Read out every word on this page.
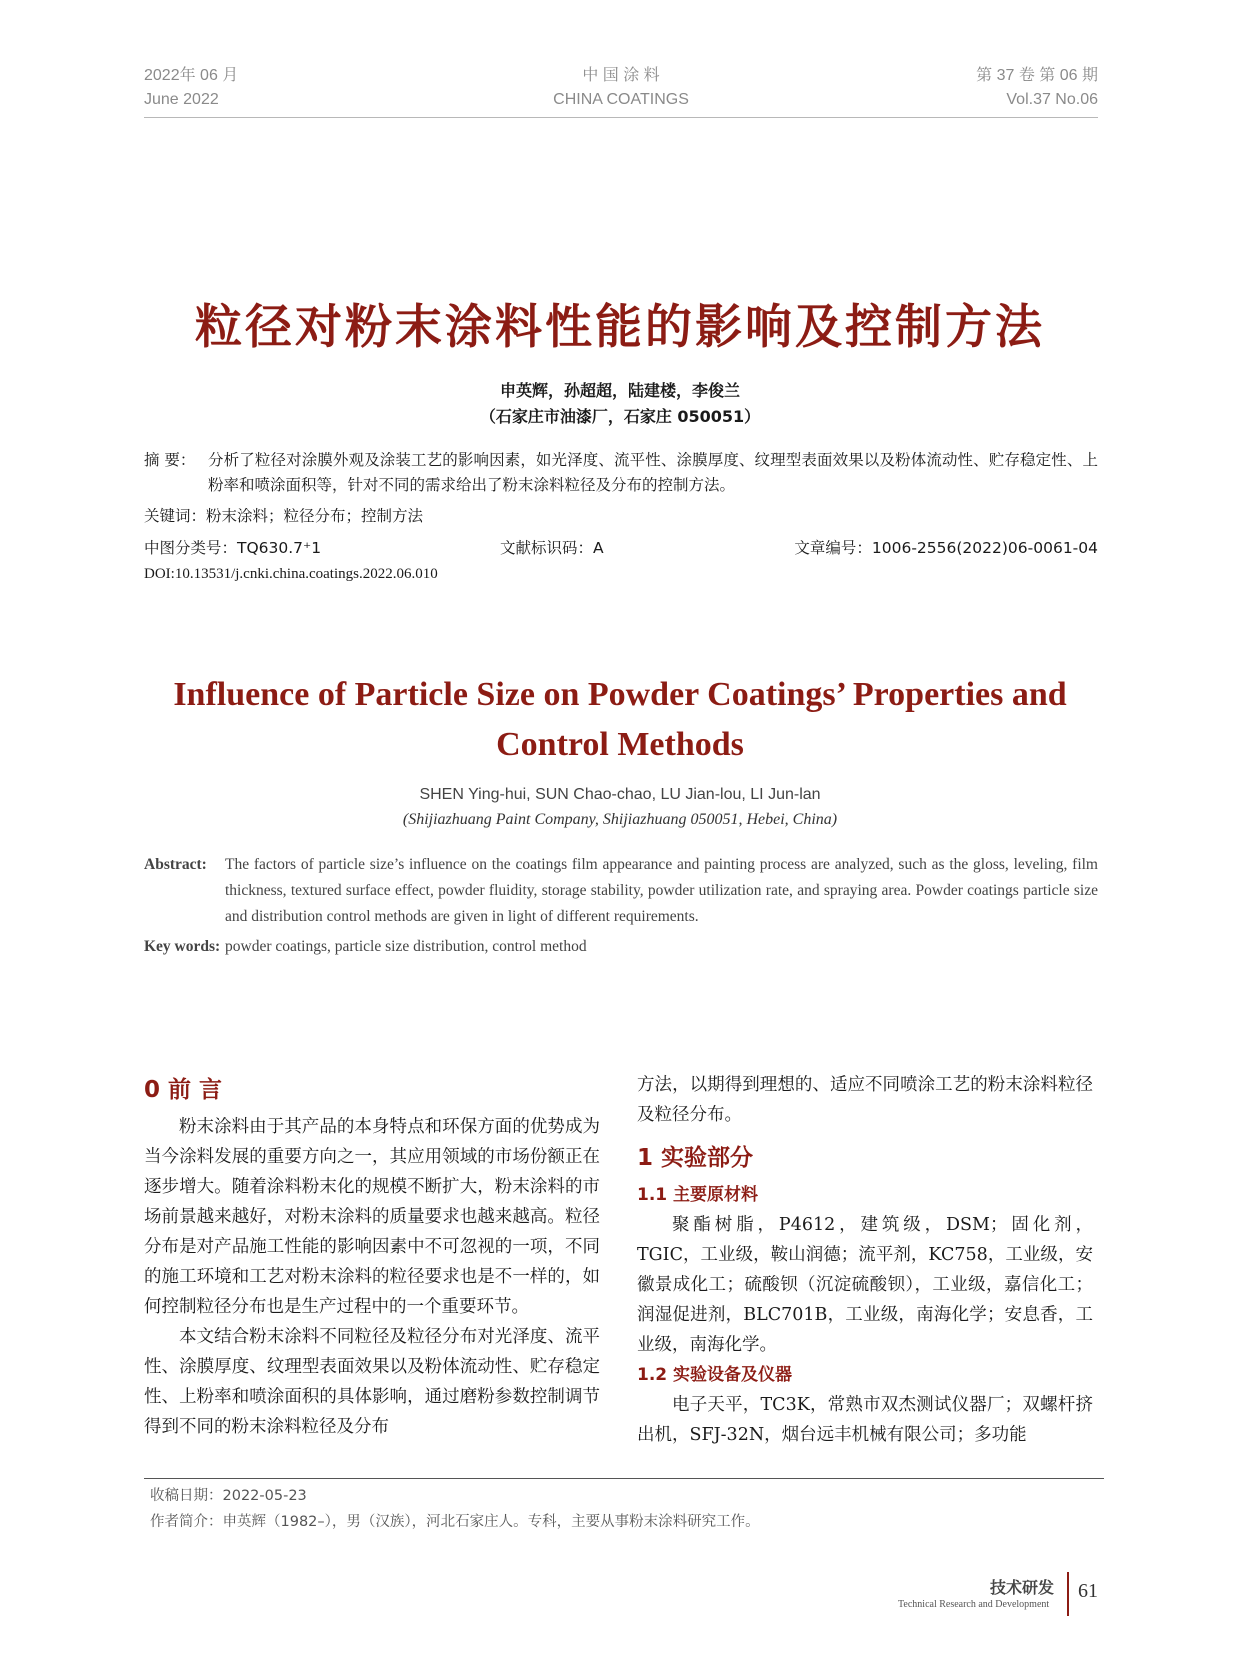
2022年 06 月
June 2022
中 国 涂 料
CHINA COATINGS
第 37 卷 第 06 期
Vol.37 No.06
粒径对粉末涂料性能的影响及控制方法
申英辉，孙超超，陆建楼，李俊兰
（石家庄市油漆厂，石家庄 050051）
摘 要： 分析了粒径对涂膜外观及涂装工艺的影响因素，如光泽度、流平性、涂膜厚度、纹理型表面效果以及粉体流动性、贮存稳定性、上粉率和喷涂面积等，针对不同的需求给出了粉末涂料粒径及分布的控制方法。
关键词：粉末涂料；粒径分布；控制方法
中图分类号：TQ630.7⁺1	文献标识码：A	文章编号：1006-2556(2022)06-0061-04
DOI:10.13531/j.cnki.china.coatings.2022.06.010
Influence of Particle Size on Powder Coatings’ Properties and Control Methods
SHEN Ying-hui, SUN Chao-chao, LU Jian-lou, LI Jun-lan
(Shijiazhuang Paint Company, Shijiazhuang 050051, Hebei, China)
Abstract:	The factors of particle size’s influence on the coatings film appearance and painting process are analyzed, such as the gloss, leveling, film thickness, textured surface effect, powder fluidity, storage stability, powder utilization rate, and spraying area. Powder coatings particle size and distribution control methods are given in light of different requirements.
Key words: powder coatings, particle size distribution, control method
0 前 言

粉末涂料由于其产品的本身特点和环保方面的优势成为当今涂料发展的重要方向之一，其应用领域的市场份额正在逐步增大。随着涂料粉末化的规模不断扩大，粉末涂料的市场前景越来越好，对粉末涂料的质量要求也越来越高。粒径分布是对产品施工性能的影响因素中不可忽视的一项，不同的施工环境和工艺对粉末涂料的粒径要求也是不一样的，如何控制粒径分布也是生产过程中的一个重要环节。

本文结合粉末涂料不同粒径及粒径分布对光泽度、流平性、涂膜厚度、纹理型表面效果以及粉体流动性、贮存稳定性、上粉率和喷涂面积的具体影响，通过磨粉参数控制调节得到不同的粉末涂料粒径及分布

方法，以期得到理想的、适应不同喷涂工艺的粉末涂料粒径及粒径分布。

1 实验部分
1.1 主要原材料

聚酯树脂，P4612，建筑级，DSM；固化剂，TGIC，工业级，鞍山润德；流平剂，KC758，工业级，安徽景成化工；硫酸钡（沉淀硫酸钡），工业级，嘉信化工；润湿促进剂，BLC701B，工业级，南海化学；安息香，工业级，南海化学。

1.2 实验设备及仪器

电子天平，TC3K，常熟市双杰测试仪器厂；双螺杆挤出机，SFJ-32N，烟台远丰机械有限公司；多功能

收稿日期：2022-05-23
作者简介：申英辉（1982–），男（汉族），河北石家庄人。专科，主要从事粉末涂料研究工作。
技术研发
Technical Research and Development
61
